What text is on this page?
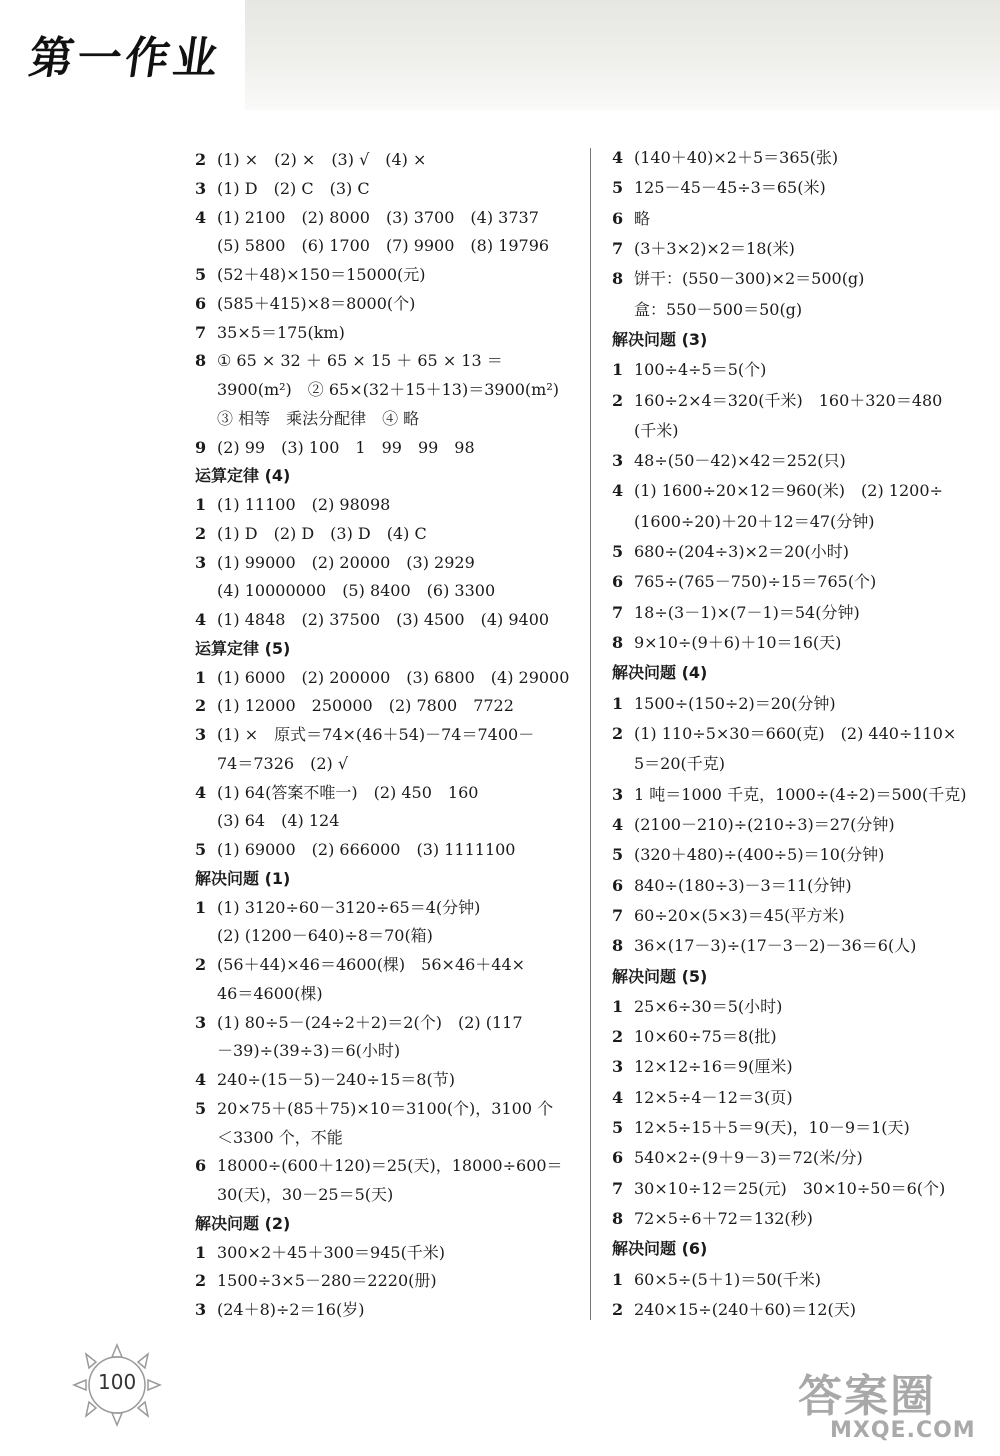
第一作业
2 (1) ×　(2) ×　(3) √　(4) ×
3 (1) D　(2) C　(3) C
4 (1) 2100　(2) 8000　(3) 3700　(4) 3737
(5) 5800　(6) 1700　(7) 9900　(8) 19796
5 (52＋48)×150＝15000(元)
6 (585＋415)×8＝8000(个)
7 35×5＝175(km)
8 ① 65 × 32 ＋ 65 × 15 ＋ 65 × 13 ＝
3900(m²)　② 65×(32＋15＋13)＝3900(m²)
③ 相等　乘法分配律　④ 略
9 (2) 99　(3) 100　1　99　99　98
运算定律 (4)
1 (1) 11100　(2) 98098
2 (1) D　(2) D　(3) D　(4) C
3 (1) 99000　(2) 20000　(3) 2929
(4) 10000000　(5) 8400　(6) 3300
4 (1) 4848　(2) 37500　(3) 4500　(4) 9400
运算定律 (5)
1 (1) 6000　(2) 200000　(3) 6800　(4) 29000
2 (1) 12000　250000　(2) 7800　7722
3 (1) ×　原式＝74×(46＋54)－74＝7400－
74＝7326　(2) √
4 (1) 64(答案不唯一)　(2) 450　160
(3) 64　(4) 124
5 (1) 69000　(2) 666000　(3) 1111100
解决问题 (1)
1 (1) 3120÷60－3120÷65＝4(分钟)
(2) (1200－640)÷8＝70(箱)
2 (56＋44)×46＝4600(棵)　56×46＋44×
46＝4600(棵)
3 (1) 80÷5－(24÷2＋2)＝2(个)　(2) (117
－39)÷(39÷3)＝6(小时)
4 240÷(15－5)－240÷15＝8(节)
5 20×75＋(85＋75)×10＝3100(个)，3100 个
＜3300 个，不能
6 18000÷(600＋120)＝25(天)，18000÷600＝
30(天)，30－25＝5(天)
解决问题 (2)
1 300×2＋45＋300＝945(千米)
2 1500÷3×5－280＝2220(册)
3 (24＋8)÷2＝16(岁)
4 (140＋40)×2＋5＝365(张)
5 125－45－45÷3＝65(米)
6 略
7 (3＋3×2)×2＝18(米)
8 饼干：(550－300)×2＝500(g)
盒：550－500＝50(g)
解决问题 (3)
1 100÷4÷5＝5(个)
2 160÷2×4＝320(千米)　160＋320＝480
(千米)
3 48÷(50－42)×42＝252(只)
4 (1) 1600÷20×12＝960(米)　(2) 1200÷
(1600÷20)＋20＋12＝47(分钟)
5 680÷(204÷3)×2＝20(小时)
6 765÷(765－750)÷15＝765(个)
7 18÷(3－1)×(7－1)＝54(分钟)
8 9×10÷(9＋6)＋10＝16(天)
解决问题 (4)
1 1500÷(150÷2)＝20(分钟)
2 (1) 110÷5×30＝660(克)　(2) 440÷110×
5＝20(千克)
3 1 吨＝1000 千克，1000÷(4÷2)＝500(千克)
4 (2100－210)÷(210÷3)＝27(分钟)
5 (320＋480)÷(400÷5)＝10(分钟)
6 840÷(180÷3)－3＝11(分钟)
7 60÷20×(5×3)＝45(平方米)
8 36×(17－3)÷(17－3－2)－36＝6(人)
解决问题 (5)
1 25×6÷30＝5(小时)
2 10×60÷75＝8(批)
3 12×12÷16＝9(厘米)
4 12×5÷4－12＝3(页)
5 12×5÷15＋5＝9(天)，10－9＝1(天)
6 540×2÷(9＋9－3)＝72(米/分)
7 30×10÷12＝25(元)　30×10÷50＝6(个)
8 72×5÷6＋72＝132(秒)
解决问题 (6)
1 60×5÷(5＋1)＝50(千米)
2 240×15÷(240＋60)＝12(天)
100	答案圈
MXQE.COM
